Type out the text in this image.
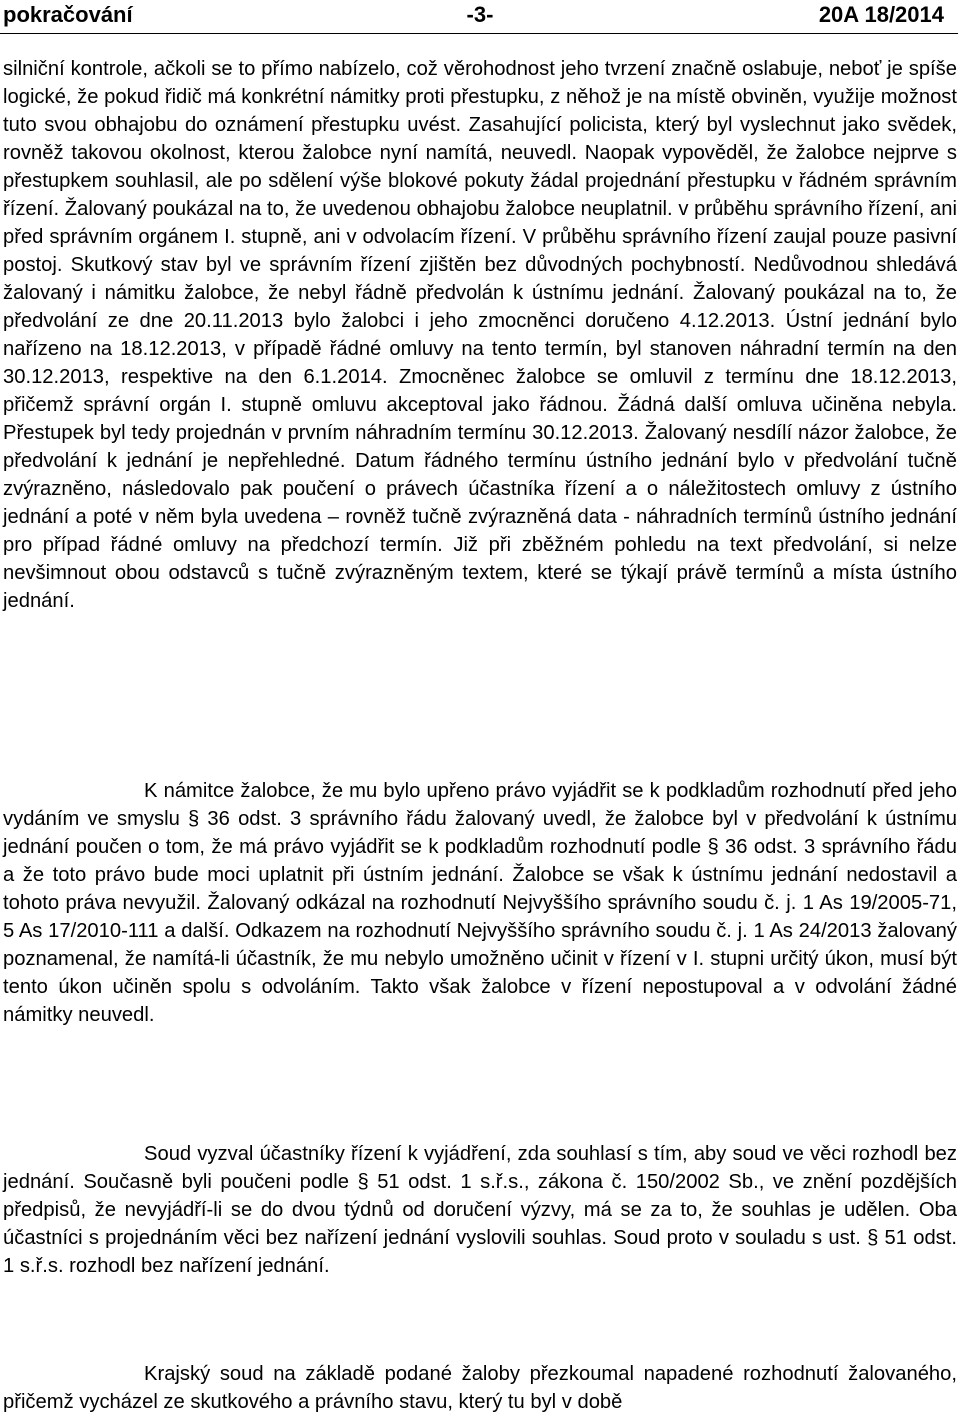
-3-
pokračování	20A 18/2014

silniční kontrole, ačkoli se to přímo nabízelo, což věrohodnost jeho tvrzení značně oslabuje, neboť je spíše logické, že pokud řidič má konkrétní námitky proti přestupku, z něhož je na místě obviněn, využije možnost tuto svou obhajobu do oznámení přestupku uvést. Zasahující policista, který byl vyslechnut jako svědek, rovněž takovou okolnost, kterou žalobce nyní namítá, neuvedl. Naopak vypověděl, že žalobce nejprve s přestupkem souhlasil, ale po sdělení výše blokové pokuty žádal projednání přestupku v řádném správním řízení. Žalovaný poukázal na to, že uvedenou obhajobu žalobce neuplatnil. v průběhu správního řízení, ani před správním orgánem I. stupně, ani v odvolacím řízení. V průběhu správního řízení zaujal pouze pasivní postoj. Skutkový stav byl ve správním řízení zjištěn bez důvodných pochybností. Nedůvodnou shledává žalovaný i námitku žalobce, že nebyl řádně předvolán k ústnímu jednání. Žalovaný poukázal na to, že předvolání ze dne 20.11.2013 bylo žalobci i jeho zmocněnci doručeno 4.12.2013. Ústní jednání bylo nařízeno na 18.12.2013, v případě řádné omluvy na tento termín, byl stanoven náhradní termín na den 30.12.2013, respektive na den 6.1.2014. Zmocněnec žalobce se omluvil z termínu dne 18.12.2013, přičemž správní orgán I. stupně omluvu akceptoval jako řádnou. Žádná další omluva učiněna nebyla. Přestupek byl tedy projednán v prvním náhradním termínu 30.12.2013. Žalovaný nesdílí názor žalobce, že předvolání k jednání je nepřehledné. Datum řádného termínu ústního jednání bylo v předvolání tučně zvýrazněno, následovalo pak poučení o právech účastníka řízení a o náležitostech omluvy z ústního jednání a poté v něm byla uvedena – rovněž tučně zvýrazněná data - náhradních termínů ústního jednání pro případ řádné omluvy na předchozí termín. Již při zběžném pohledu na text předvolání, si nelze nevšimnout obou odstavců s tučně zvýrazněným textem, které se týkají právě termínů a místa ústního jednání.

K námitce žalobce, že mu bylo upřeno právo vyjádřit se k podkladům rozhodnutí před jeho vydáním ve smyslu § 36 odst. 3 správního řádu žalovaný uvedl, že žalobce byl v předvolání k ústnímu jednání poučen o tom, že má právo vyjádřit se k podkladům rozhodnutí podle § 36 odst. 3 správního řádu a že toto právo bude moci uplatnit při ústním jednání. Žalobce se však k ústnímu jednání nedostavil a tohoto práva nevyužil. Žalovaný odkázal na rozhodnutí Nejvyššího správního soudu č. j. 1 As 19/2005-71, 5 As 17/2010-111 a další. Odkazem na rozhodnutí Nejvyššího správního soudu č. j. 1 As 24/2013 žalovaný poznamenal, že namítá-li účastník, že mu nebylo umožněno učinit v řízení v I. stupni určitý úkon, musí být tento úkon učiněn spolu s odvoláním. Takto však žalobce v řízení nepostupoval a v odvolání žádné námitky neuvedl.

Soud vyzval účastníky řízení k vyjádření, zda souhlasí s tím, aby soud ve věci rozhodl bez jednání. Současně byli poučeni podle § 51 odst. 1 s.ř.s., zákona č. 150/2002 Sb., ve znění pozdějších předpisů, že nevyjádří-li se do dvou týdnů od doručení výzvy, má se za to, že souhlas je udělen. Oba účastníci s projednáním věci bez nařízení jednání vyslovili souhlas. Soud proto v souladu s ust. § 51 odst. 1 s.ř.s. rozhodl bez nařízení jednání.

Krajský soud na základě podané žaloby přezkoumal napadené rozhodnutí žalovaného, přičemž vycházel ze skutkového a právního stavu, který tu byl v době
